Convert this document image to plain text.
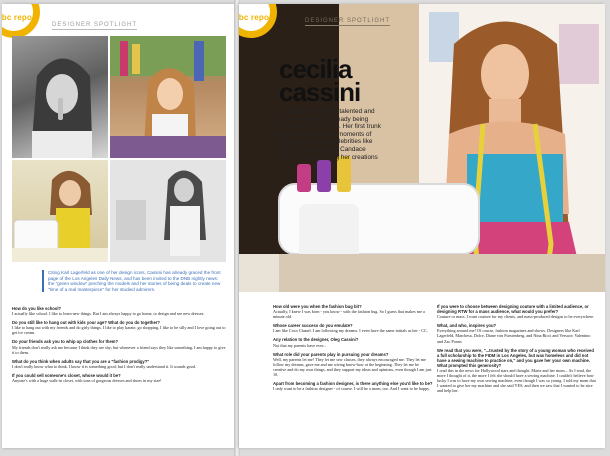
bc report
DESIGNER SPOTLIGHT
Citing Karl Lagerfeld as one of her design icons, Cassini has already graced the front page of the Los Angeles Daily News, and has been invited to the DNB nightly news: the "green window" perching the models and her stories of being deals to create new "time of a real masterpiece" for her studied admirers.
How do you like school?
I actually like school. I like to learn new things. But I am always happy to go home, to design and see new dresses.
Do you still like to hang out with kids your age? What do you do together?
I like to hang out with my friends and do girly things. I like to play karate, go shopping, I like to be silly and I love going out to get ice cream.
Do your friends ask you to whip up clothes for them?
My friends don't really ask me because I think they are shy; but whenever a friend says they like something, I am happy to give it to them.
What do you think when adults say that you are a "fashion prodigy?"
I don't really know what to think. I know it is something good, but I don't really understand it. It sounds good.
If you could sell someone's closet, whose would it be?
Anyone's with a huge walk-in closet, with tons of gorgeous dresses and shoes in my size!
bc report	DESIGNER SPOTLIGHT
cecilia
cassini
At the age of 10, this talented and lovely designer is already being recruited at the FIDM. Her first trunk show sold out within moments of opening, including celebrities like Denise Richards and Candace Cameron Bure loving her creations
How old were you when the fashion bug bit?
Actually, I knew I was born - you know - with the fashion bug. So I guess that makes me a minute old.
Whose career success do you emulate?
I am like Coco Chanel. I am following my dreams. I even have the same initials as her - CC.
Any relation to the designer, Oleg Cassini?
Not that my parents have ever...
What role did your parents play in pursuing your dreams?
Well, my parents let me! They let me sew classes, they always encouraged me. They let me follow my dreams, gave me and me wiring know-how at the beginning. They let me be creative and do my own things, and they support my ideas and opinions, even though I am just 10.
Apart from becoming a fashion designer, is there anything else you'd like to be?
I only want to be a fashion designer - of course. I will be a mom, too. And I want to be happy.
If you were to choose between designing couture with a limited audience, or designing RTW for a mass audience, what would you prefer?
Couture or mass. I want couture for my clients, and mass-produced designs to be everywhere.
What, and who, inspires you?
Everything around me! Of course, fashion magazines and shows. Designers like Karl Lagerfeld, Marchesa, Dolce, Diane von Furstenberg, and Nina Ricci and Versace, Valentino and Zac Posen.
We read that you were, "...trusted by the story of a young woman who received a full scholarship to the FIDM in Los Angeles, but was homeless and did not have a sewing machine to practice on," and you gave her your own machine. What prompted this generosity?
I read this in the news for Hollywood stars and thought, Marie and her mom... As I read, the more I thought of it, the more I felt she should have a sewing machine. I couldn't believe how lucky I was to have my own sewing machine, even though I was so young. I told my mom that I wanted to give her my machine and she said YES, and then we saw that I wanted to be nice and help her.
